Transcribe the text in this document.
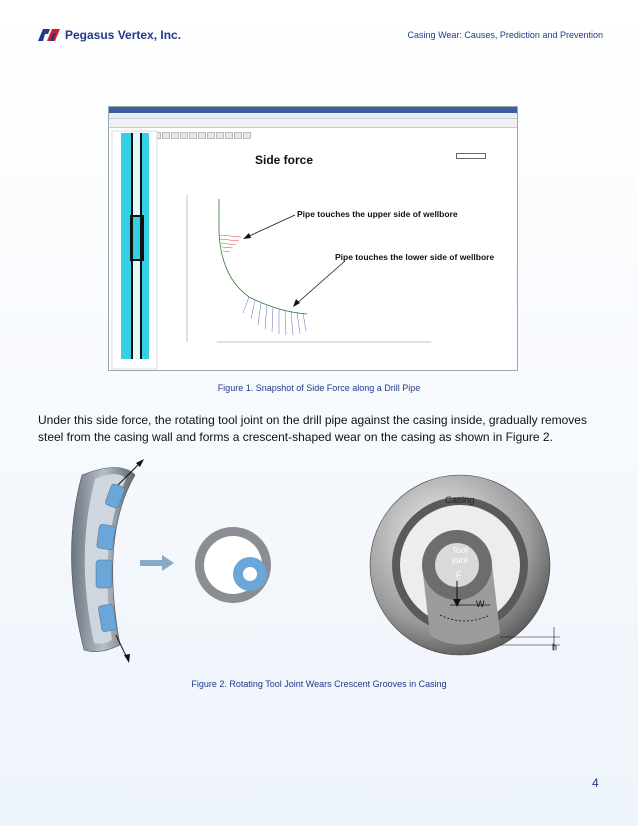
Pegasus Vertex, Inc.	Casing Wear: Causes, Prediction and Prevention
Side force
Pipe touches the upper side of wellbore
Pipe touches the lower side of wellbore
Figure 1. Snapshot of Side Force along a Drill Pipe
Under this side force, the rotating tool joint on the drill pipe against the casing inside, gradually removes steel from the casing wall and forms a crescent-shaped wear on the casing as shown in Figure 2.
Casing
Tool
joint
F
W
h
Figure 2. Rotating Tool Joint Wears Crescent Grooves in Casing
4
